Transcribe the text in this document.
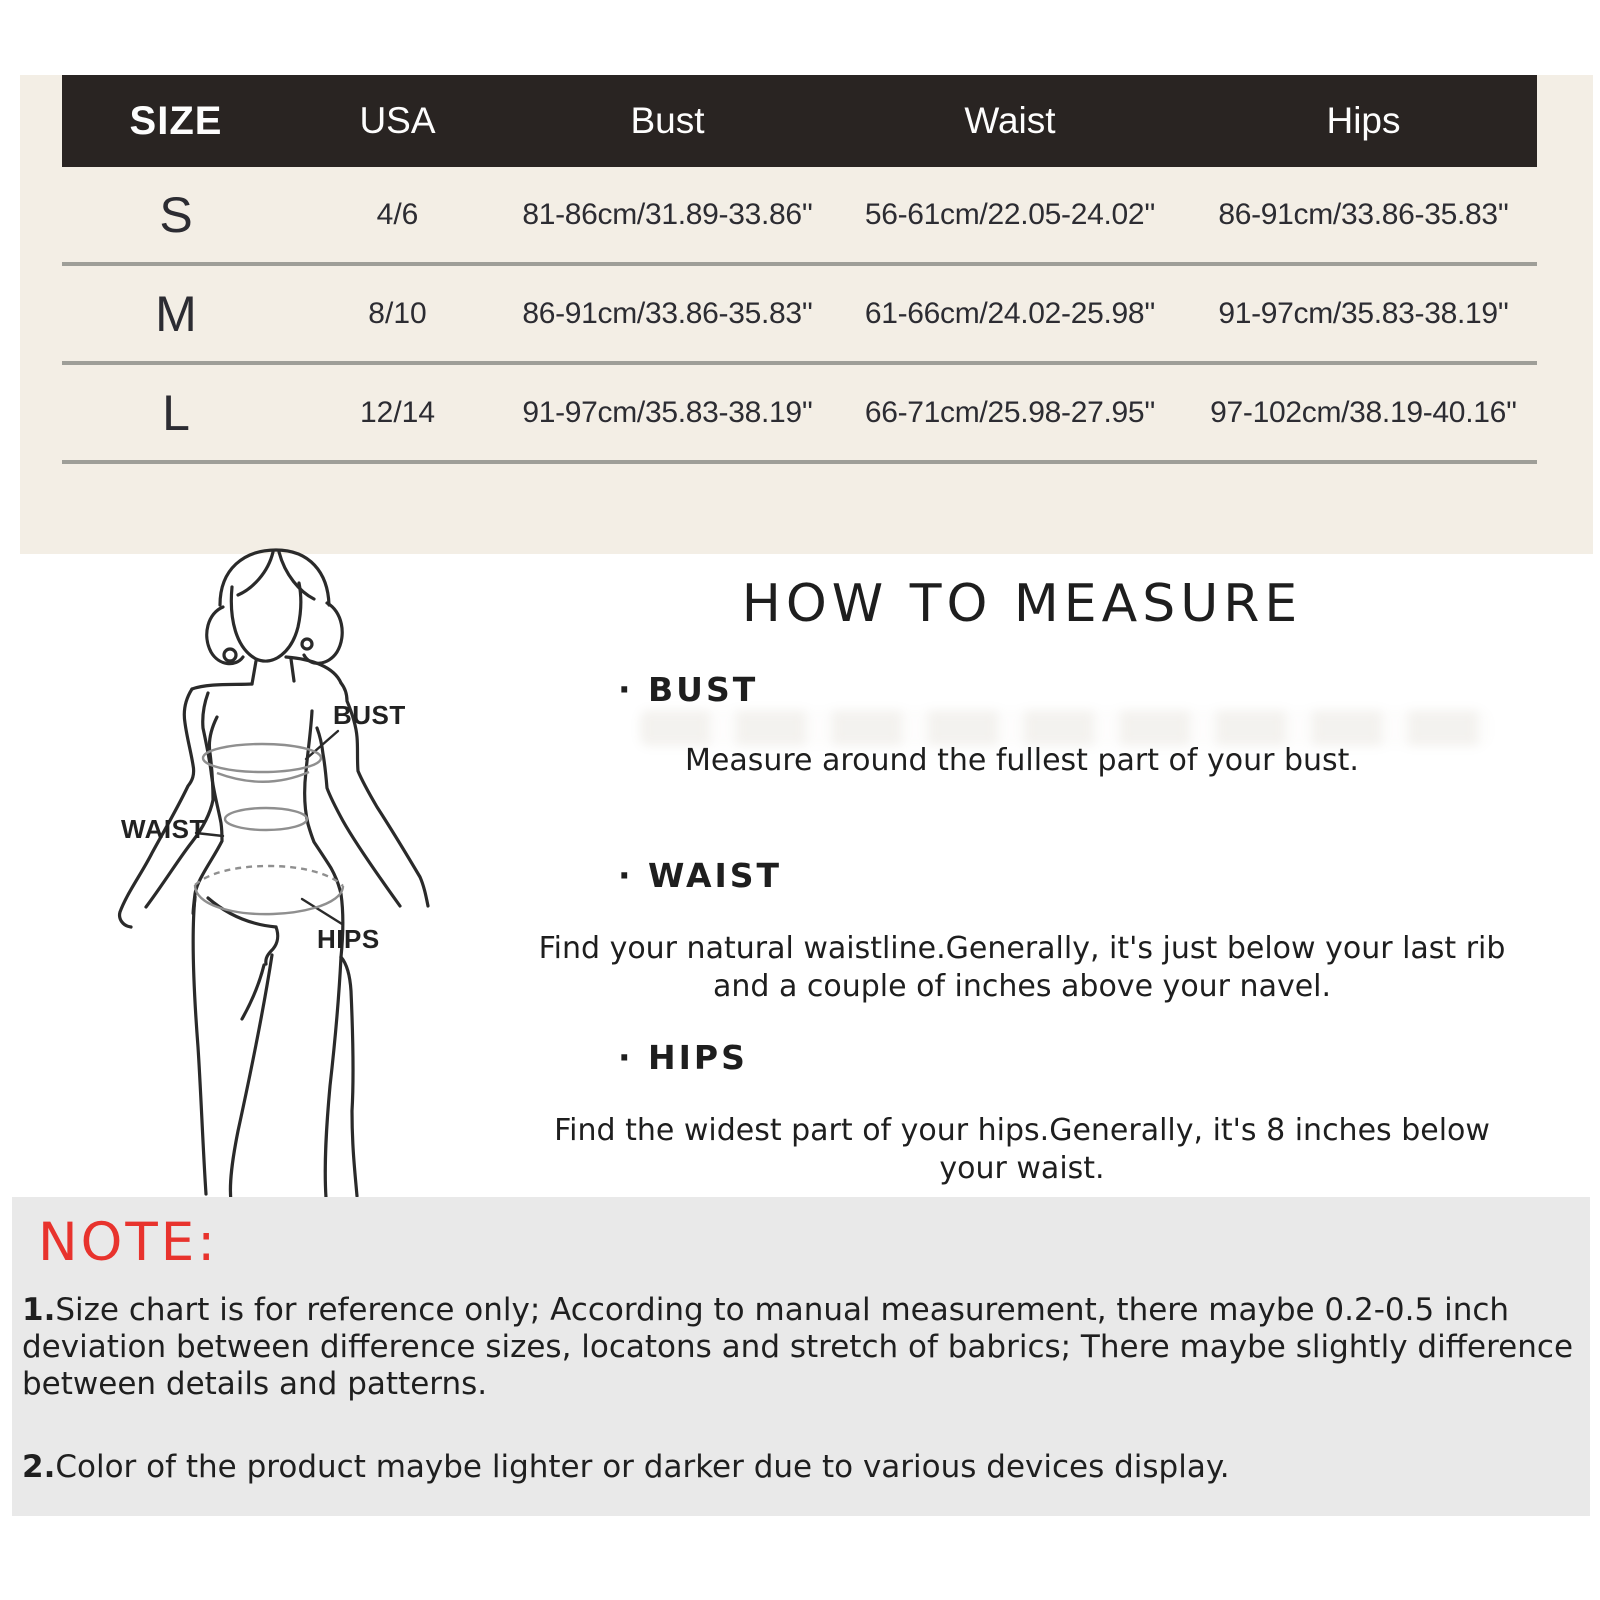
SIZE	USA	Bust	Waist	Hips
S	4/6	81-86cm/31.89-33.86''	56-61cm/22.05-24.02''	86-91cm/33.86-35.83''
M	8/10	86-91cm/33.86-35.83''	61-66cm/24.02-25.98''	91-97cm/35.83-38.19''
L	12/14	91-97cm/35.83-38.19''	66-71cm/25.98-27.95''	97-102cm/38.19-40.16''
BUST
WAIST
HIPS
HOW TO MEASURE
· BUST
Measure around the fullest part of your bust.
· WAIST
Find your natural waistline.Generally, it's just below your last rib
and a couple of inches above your navel.
· HIPS
Find the widest part of your hips.Generally, it's 8 inches below
your waist.
NOTE:
1.Size chart is for reference only; According to manual measurement, there maybe 0.2-0.5 inch
deviation between difference sizes, locatons and stretch of babrics; There maybe slightly difference
between details and patterns.
2.Color of the product maybe lighter or darker due to various devices display.
